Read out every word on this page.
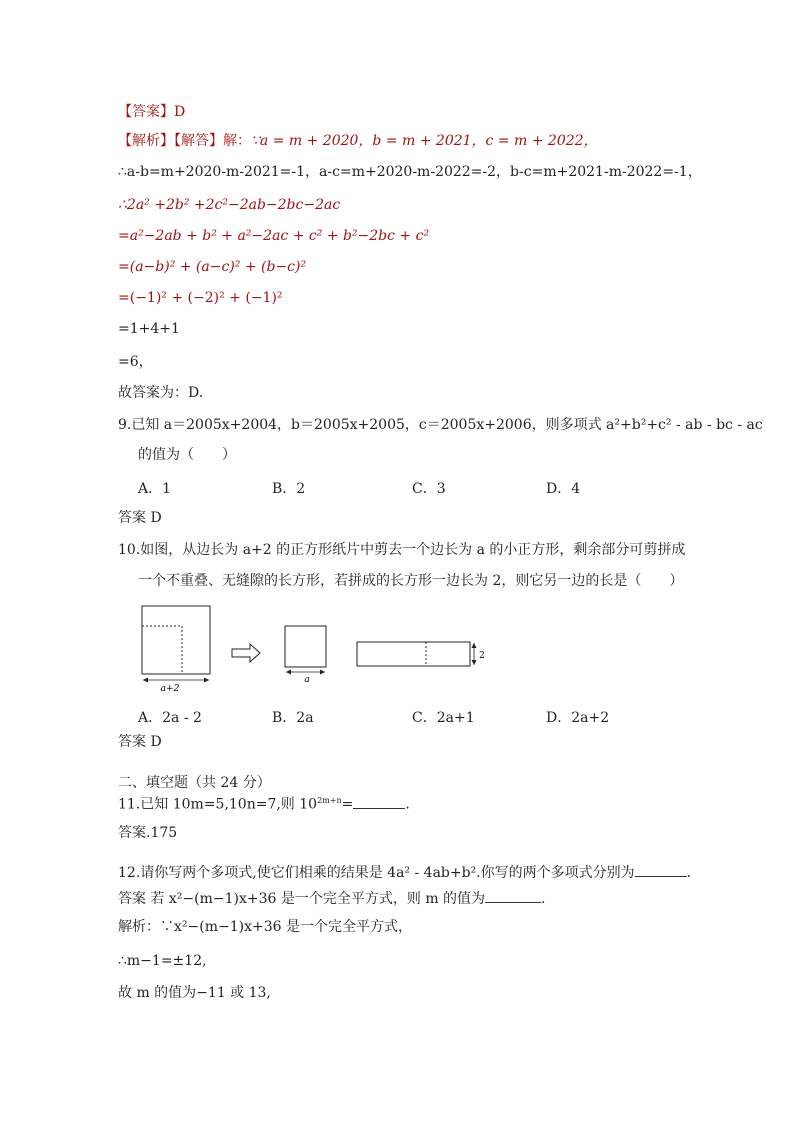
【答案】D
【解析】【解答】解：∵a = m + 2020，b = m + 2021，c = m + 2022，
∴a-b=m+2020-m-2021=-1，a-c=m+2020-m-2022=-2，b-c=m+2021-m-2022=-1，
∴2a² +2b² +2c²−2ab−2bc−2ac
=a²−2ab + b² + a²−2ac + c² + b²−2bc + c²
=(a−b)² + (a−c)² + (b−c)²
=(−1)² + (−2)² + (−1)²
=1+4+1
=6，
故答案为：D.
9.已知 a＝2005x+2004，b＝2005x+2005，c＝2005x+2006，则多项式 a²+b²+c² - ab - bc - ac
的值为（　　）
A．1	B．2	C．3	D．4
答案 D
10.如图，从边长为 a+2 的正方形纸片中剪去一个边长为 a 的小正方形，剩余部分可剪拼成
一个不重叠、无缝隙的长方形，若拼成的长方形一边长为 2，则它另一边的长是（　　）
a+2
a
2
A．2a - 2	B．2a	C．2a+1	D．2a+2
答案 D
二、填空题（共 24 分）
11.已知 10m=5,10n=7,则 $10^{2m+n}=$	.
答案.175
12.请你写两个多项式,使它们相乘的结果是 4a² - 4ab+b².你写的两个多项式分别为	.
答案 若 x²−(m−1)x+36 是一个完全平方式，则 m 的值为	.
解析：∵x²−(m−1)x+36 是一个完全平方式，
∴m−1=±12,
故 m 的值为−11 或 13,
